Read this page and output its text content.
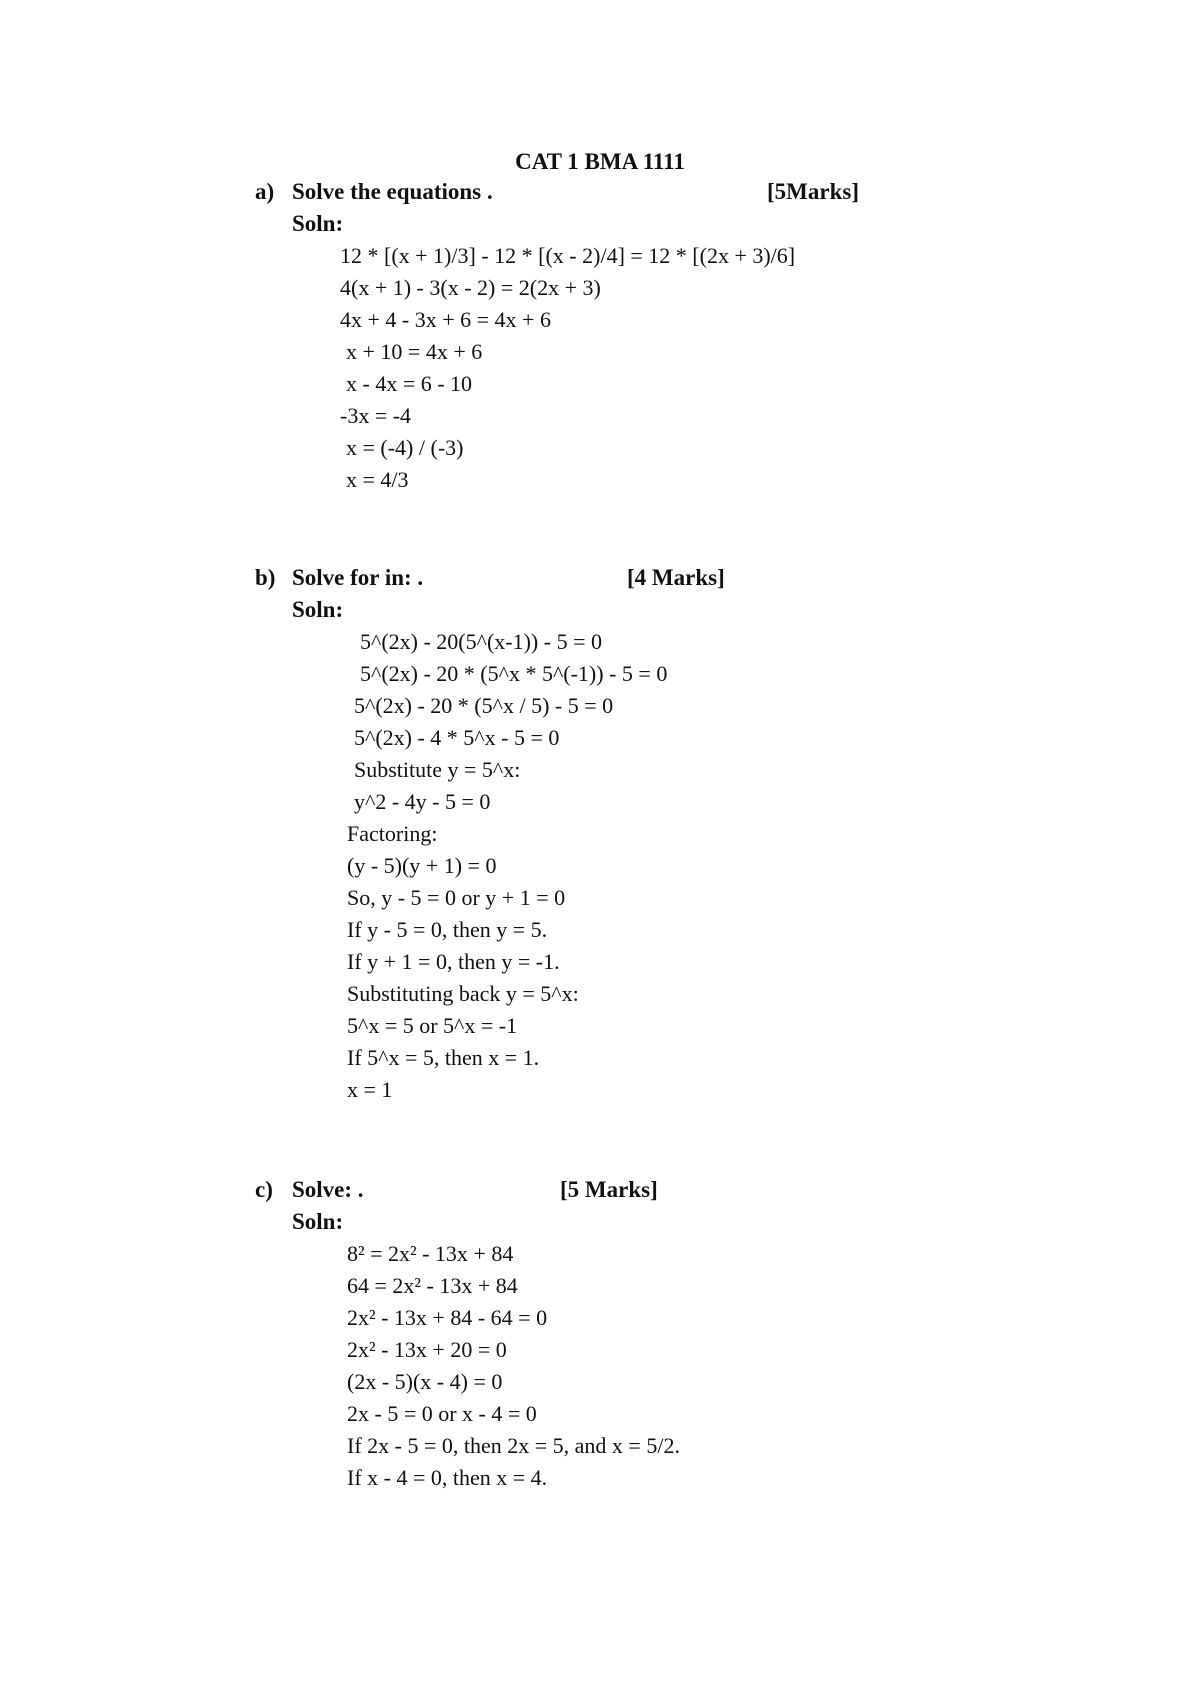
CAT 1 BMA 1111
a) Solve the equations .	[5Marks]
Soln:
12 * [(x + 1)/3] - 12 * [(x - 2)/4] = 12 * [(2x + 3)/6]
4(x + 1) - 3(x - 2) = 2(2x + 3)
4x + 4 - 3x + 6 = 4x + 6
x + 10 = 4x + 6
x - 4x = 6 - 10
-3x = -4
x = (-4) / (-3)
x = 4/3
b) Solve for in: .	[4 Marks]
Soln:
5^(2x) - 20(5^(x-1)) - 5 = 0
5^(2x) - 20 * (5^x * 5^(-1)) - 5 = 0
5^(2x) - 20 * (5^x / 5) - 5 = 0
5^(2x) - 4 * 5^x - 5 = 0
Substitute y = 5^x:
y^2 - 4y - 5 = 0
Factoring:
(y - 5)(y + 1) = 0
So, y - 5 = 0 or y + 1 = 0
If y - 5 = 0, then y = 5.
If y + 1 = 0, then y = -1.
Substituting back y = 5^x:
5^x = 5 or 5^x = -1
If 5^x = 5, then x = 1.
x = 1
c) Solve: .	[5 Marks]
Soln:
8² = 2x² - 13x + 84
64 = 2x² - 13x + 84
2x² - 13x + 84 - 64 = 0
2x² - 13x + 20 = 0
(2x - 5)(x - 4) = 0
2x - 5 = 0 or x - 4 = 0
If 2x - 5 = 0, then 2x = 5, and x = 5/2.
If x - 4 = 0, then x = 4.
